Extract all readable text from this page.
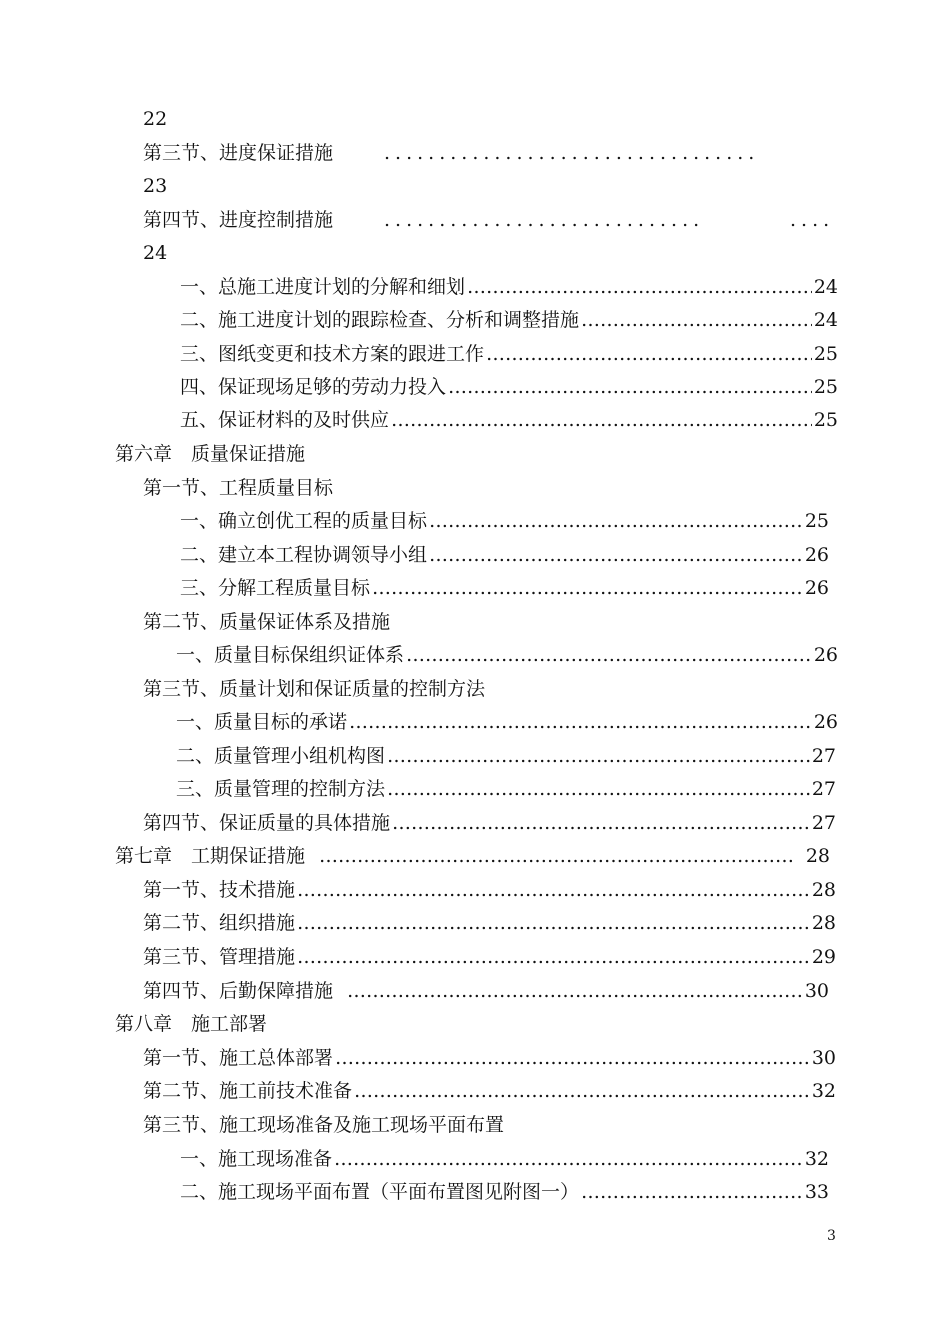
22
第三节、进度保证措施	..................................
23
第四节、进度控制措施	.............................	....
24
一、总施工进度计划的分解和细划 …………………………………………………………………………………………………………………………………………………………………………	24
二、施工进度计划的跟踪检查、分析和调整措施 …………………………………………………………………………………………………………………………………………………………………………	24
三、图纸变更和技术方案的跟进工作 …………………………………………………………………………………………………………………………………………………………………………	25
四、保证现场足够的劳动力投入 …………………………………………………………………………………………………………………………………………………………………………	25
五、保证材料的及时供应 …………………………………………………………………………………………………………………………………………………………………………	25
第六章　质量保证措施
第一节、工程质量目标
一、确立创优工程的质量目标 …………………………………………………………………………………………………………………………………………………………………………	25
二、建立本工程协调领导小组 …………………………………………………………………………………………………………………………………………………………………………	26
三、分解工程质量目标 …………………………………………………………………………………………………………………………………………………………………………	26
第二节、质量保证体系及措施
一、质量目标保组织证体系 …………………………………………………………………………………………………………………………………………………………………………	26
第三节、质量计划和保证质量的控制方法
一、质量目标的承诺 …………………………………………………………………………………………………………………………………………………………………………	26
二、质量管理小组机构图 …………………………………………………………………………………………………………………………………………………………………………	27
三、质量管理的控制方法 …………………………………………………………………………………………………………………………………………………………………………	27
第四节、保证质量的具体措施 …………………………………………………………………………………………………………………………………………………………………………	27
第七章　工期保证措施 …………………………………………………………………………………………………………………………………………………………………………	28
第一节、技术措施 …………………………………………………………………………………………………………………………………………………………………………	28
第二节、组织措施 …………………………………………………………………………………………………………………………………………………………………………	28
第三节、管理措施 …………………………………………………………………………………………………………………………………………………………………………	29
第四节、后勤保障措施 …………………………………………………………………………………………………………………………………………………………………………	30
第八章　施工部署
第一节、施工总体部署 …………………………………………………………………………………………………………………………………………………………………………	30
第二节、施工前技术准备 …………………………………………………………………………………………………………………………………………………………………………	32
第三节、施工现场准备及施工现场平面布置
一、施工现场准备 …………………………………………………………………………………………………………………………………………………………………………	32
二、施工现场平面布置（平面布置图见附图一） …………………………………………………………………………………………………………………………………………………………………………	33
3
